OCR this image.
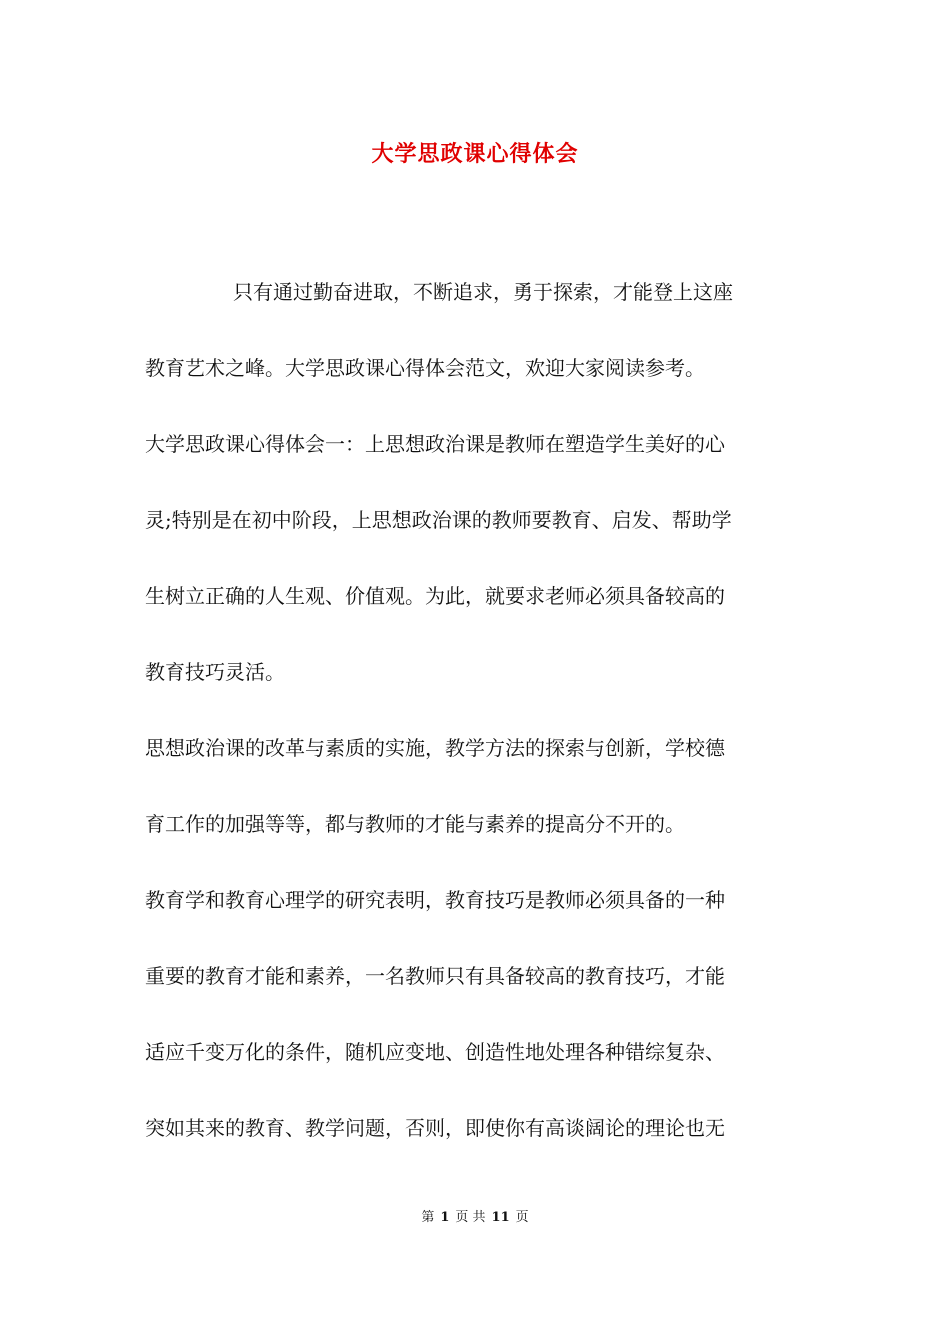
大学思政课心得体会
只有通过勤奋进取，不断追求，勇于探索，才能登上这座
教育艺术之峰。大学思政课心得体会范文，欢迎大家阅读参考。
大学思政课心得体会一：上思想政治课是教师在塑造学生美好的心
灵;特别是在初中阶段，上思想政治课的教师要教育、启发、帮助学
生树立正确的人生观、价值观。为此，就要求老师必须具备较高的
教育技巧灵活。
思想政治课的改革与素质的实施，教学方法的探索与创新，学校德
育工作的加强等等，都与教师的才能与素养的提高分不开的。
教育学和教育心理学的研究表明，教育技巧是教师必须具备的一种
重要的教育才能和素养，一名教师只有具备较高的教育技巧，才能
适应千变万化的条件，随机应变地、创造性地处理各种错综复杂、
突如其来的教育、教学问题，否则，即使你有高谈阔论的理论也无
第 1 页 共 11 页
